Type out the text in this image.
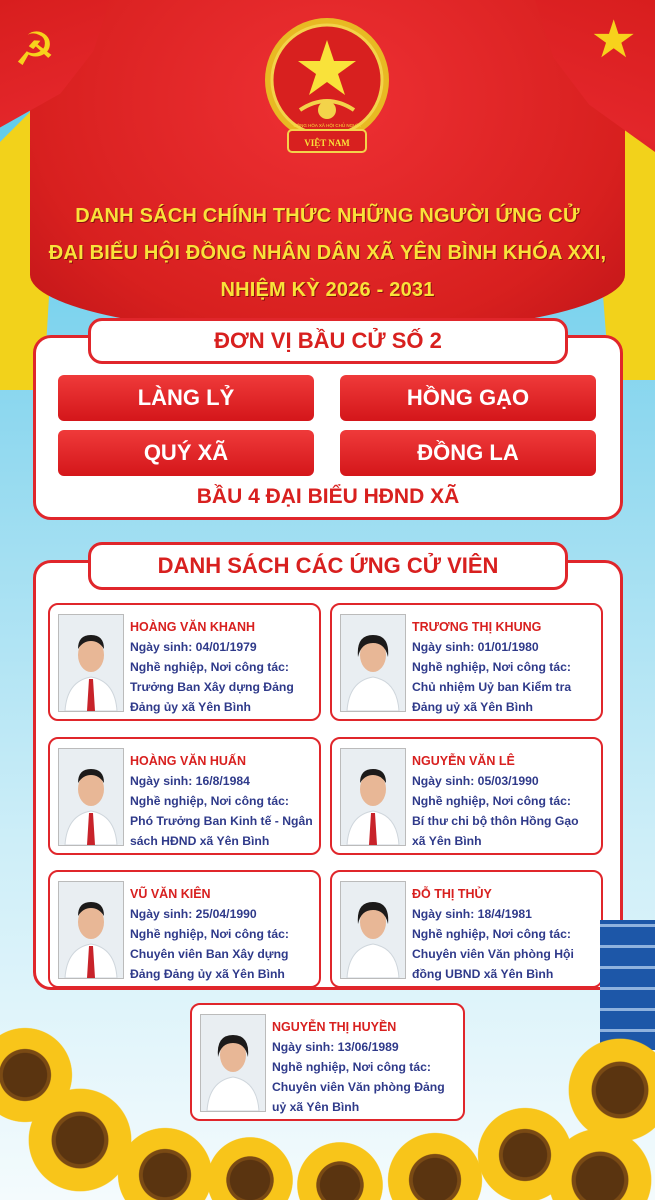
☭	★
VIỆT NAM
CỘNG HÒA XÃ HỘI CHỦ NGHĨA
DANH SÁCH CHÍNH THỨC NHỮNG NGƯỜI ỨNG CỬ
ĐẠI BIỂU HỘI ĐỒNG NHÂN DÂN XÃ YÊN BÌNH KHÓA XXI,
NHIỆM KỲ 2026 - 2031
ĐƠN VỊ BẦU CỬ SỐ 2
LÀNG LỶ	HỒNG GẠO
QUÝ XÃ	ĐỒNG LA
BẦU 4 ĐẠI BIỂU HĐND XÃ
DANH SÁCH CÁC ỨNG CỬ VIÊN
HOÀNG VĂN KHANH
Ngày sinh: 04/01/1979
Nghề nghiệp, Nơi công tác:
Trưởng Ban Xây dựng Đảng
Đảng ủy xã Yên Bình
TRƯƠNG THỊ KHUNG
Ngày sinh: 01/01/1980
Nghề nghiệp, Nơi công tác:
Chủ nhiệm Uỷ ban Kiểm tra
Đảng uỷ xã Yên Bình
HOÀNG VĂN HUẤN
Ngày sinh: 16/8/1984
Nghề nghiệp, Nơi công tác:
Phó Trưởng Ban Kinh tế - Ngân
sách HĐND xã Yên Bình
NGUYỄN VĂN LÊ
Ngày sinh: 05/03/1990
Nghề nghiệp, Nơi công tác:
Bí thư chi bộ thôn Hồng Gạo
xã Yên Bình
VŨ VĂN KIÊN
Ngày sinh: 25/04/1990
Nghề nghiệp, Nơi công tác:
Chuyên viên Ban Xây dựng
Đảng Đảng ủy xã Yên Bình
ĐỖ THỊ THỦY
Ngày sinh: 18/4/1981
Nghề nghiệp, Nơi công tác:
Chuyên viên Văn phòng Hội
đồng UBND xã Yên Bình
NGUYỄN THỊ HUYỀN
Ngày sinh: 13/06/1989
Nghề nghiệp, Nơi công tác:
Chuyên viên Văn phòng Đảng
uỷ xã Yên Bình
